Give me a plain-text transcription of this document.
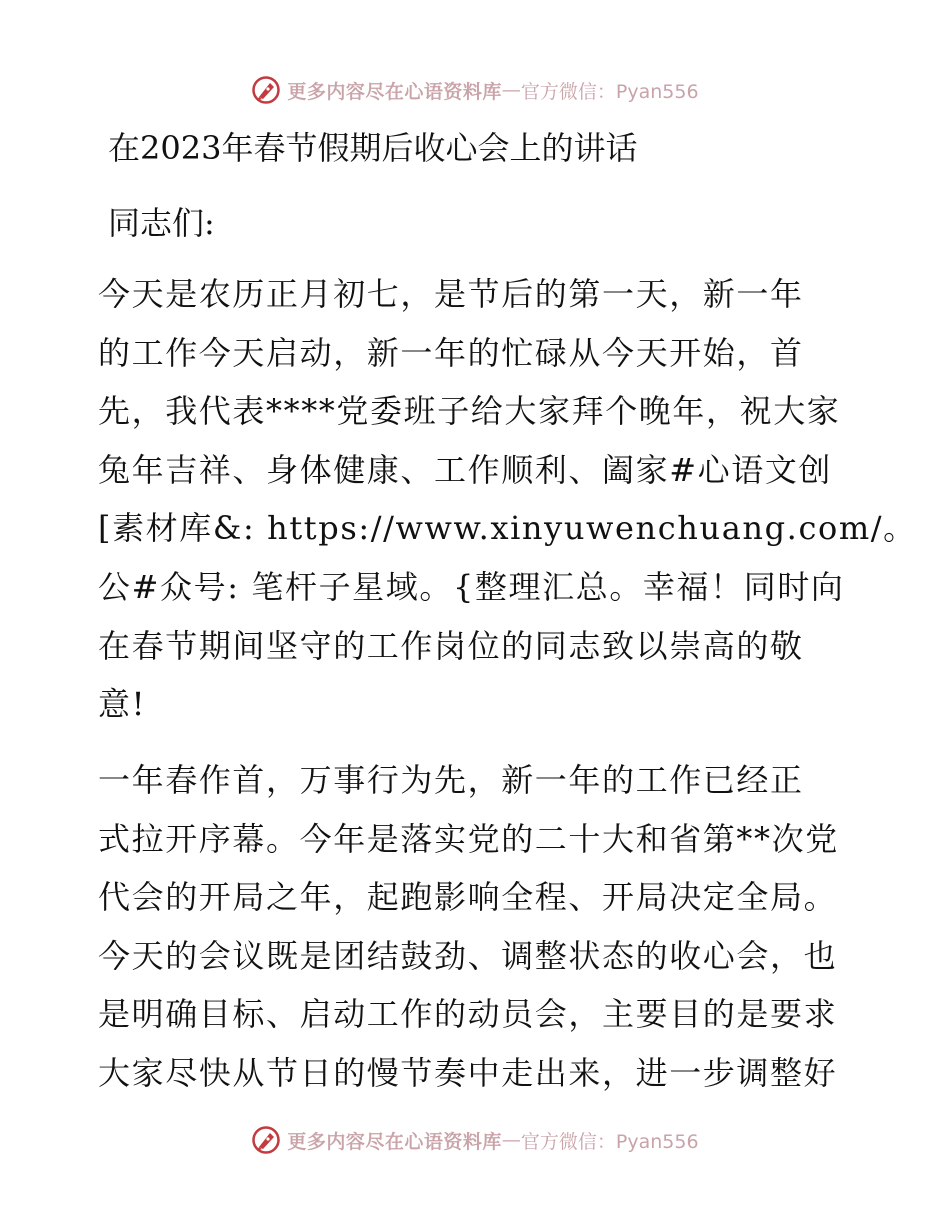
更多内容尽在心语资料库 — 官方微信：Pyan556
在2023年春节假期后收心会上的讲话

同志们:

今天是农历正月初七，是节后的第一天，新一年
的工作今天启动，新一年的忙碌从今天开始，首
先，我代表****党委班子给大家拜个晚年，祝大家
兔年吉祥、身体健康、工作顺利、阖家#心语文创
[素材库&: https://www.xinyuwenchuang.com/。
公#众号: 笔杆子星域。{整理汇总。幸福！同时向
在春节期间坚守的工作岗位的同志致以崇高的敬
意!
一年春作首，万事行为先，新一年的工作已经正
式拉开序幕。今年是落实党的二十大和省第**次党
代会的开局之年，起跑影响全程、开局决定全局。
今天的会议既是团结鼓劲、调整状态的收心会，也
是明确目标、启动工作的动员会，主要目的是要求
大家尽快从节日的慢节奏中走出来，进一步调整好
更多内容尽在心语资料库 — 官方微信：Pyan556
